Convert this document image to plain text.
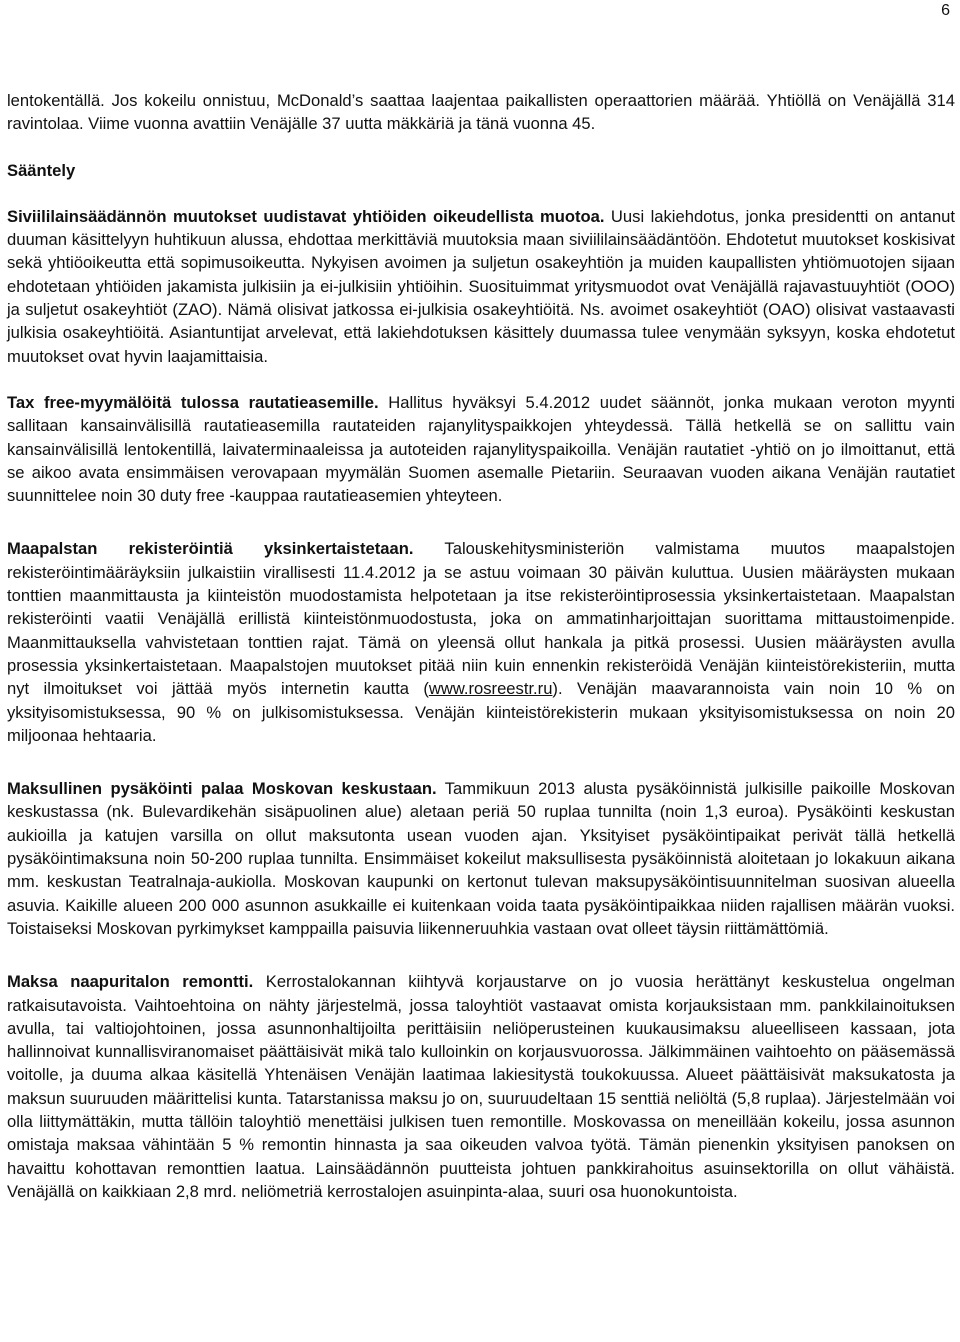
6

lentokentällä. Jos kokeilu onnistuu, McDonald’s saattaa laajentaa paikallisten operaattorien määrää. Yhtiöllä on Venäjällä 314 ravintolaa. Viime vuonna avattiin Venäjälle 37 uutta mäkkäriä ja tänä vuonna 45.

Sääntely

Siviililainsäädännön muutokset uudistavat yhtiöiden oikeudellista muotoa. Uusi lakiehdotus, jonka presidentti on antanut duuman käsittelyyn huhtikuun alussa, ehdottaa merkittäviä muutoksia maan siviililainsäädäntöön. Ehdotetut muutokset koskisivat sekä yhtiöoikeutta että sopimusoikeutta. Nykyisen avoimen ja suljetun osakeyhtiön ja muiden kaupallisten yhtiömuotojen sijaan ehdotetaan yhtiöiden jakamista julkisiin ja ei-julkisiin yhtiöihin. Suosituimmat yritysmuodot ovat Venäjällä rajavastuuyhtiöt (OOO) ja suljetut osakeyhtiöt (ZAO). Nämä olisivat jatkossa ei-julkisia osakeyhtiöitä. Ns. avoimet osakeyhtiöt (OAO) olisivat vastaavasti julkisia osakeyhtiöitä. Asiantuntijat arvelevat, että lakiehdotuksen käsittely duumassa tulee venymään syksyyn, koska ehdotetut muutokset ovat hyvin laajamittaisia.

Tax free-myymälöitä tulossa rautatieasemille. Hallitus hyväksyi 5.4.2012 uudet säännöt, jonka mukaan veroton myynti sallitaan kansainvälisillä rautatieasemilla rautateiden rajanylityspaikkojen yhteydessä. Tällä hetkellä se on sallittu vain kansainvälisillä lentokentillä, laivaterminaaleissa ja autoteiden rajanylityspaikoilla. Venäjän rautatiet -yhtiö on jo ilmoittanut, että se aikoo avata ensimmäisen verovapaan myymälän Suomen asemalle Pietariin. Seuraavan vuoden aikana Venäjän rautatiet suunnittelee noin 30 duty free -kauppaa rautatieasemien yhteyteen.

Maapalstan rekisteröintiä yksinkertaistetaan. Talouskehitysministeriön valmistama muutos maapalstojen rekisteröintimääräyksiin julkaistiin virallisesti 11.4.2012 ja se astuu voimaan 30 päivän kuluttua. Uusien määräysten mukaan tonttien maanmittausta ja kiinteistön muodostamista helpotetaan ja itse rekisteröintiprosessia yksinkertaistetaan. Maapalstan rekisteröinti vaatii Venäjällä erillistä kiinteistönmuodostusta, joka on ammatinharjoittajan suorittama mittaustoimenpide. Maanmittauksella vahvistetaan tonttien rajat. Tämä on yleensä ollut hankala ja pitkä prosessi. Uusien määräysten avulla prosessia yksinkertaistetaan. Maapalstojen muutokset pitää niin kuin ennenkin rekisteröidä Venäjän kiinteistörekisteriin, mutta nyt ilmoitukset voi jättää myös internetin kautta (www.rosreestr.ru). Venäjän maavarannoista vain noin 10 % on yksityisomistuksessa, 90 % on julkisomistuksessa. Venäjän kiinteistörekisterin mukaan yksityisomistuksessa on noin 20 miljoonaa hehtaaria.

Maksullinen pysäköinti palaa Moskovan keskustaan. Tammikuun 2013 alusta pysäköinnistä julkisille paikoille Moskovan keskustassa (nk. Bulevardikehän sisäpuolinen alue) aletaan periä 50 ruplaa tunnilta (noin 1,3 euroa). Pysäköinti keskustan aukioilla ja katujen varsilla on ollut maksutonta usean vuoden ajan. Yksityiset pysäköintipaikat perivät tällä hetkellä pysäköintimaksuna noin 50-200 ruplaa tunnilta. Ensimmäiset kokeilut maksullisesta pysäköinnistä aloitetaan jo lokakuun aikana mm. keskustan Teatralnaja-aukiolla. Moskovan kaupunki on kertonut tulevan maksupysäköintisuunnitelman suosivan alueella asuvia. Kaikille alueen 200 000 asunnon asukkaille ei kuitenkaan voida taata pysäköintipaikkaa niiden rajallisen määrän vuoksi. Toistaiseksi Moskovan pyrkimykset kamppailla paisuvia liikenneruuhkia vastaan ovat olleet täysin riittämättömiä.

Maksa naapuritalon remontti. Kerrostalokannan kiihtyvä korjaustarve on jo vuosia herättänyt keskustelua ongelman ratkaisutavoista. Vaihtoehtoina on nähty järjestelmä, jossa taloyhtiöt vastaavat omista korjauksistaan mm. pankkilainoituksen avulla, tai valtiojohtoinen, jossa asunnonhaltijoilta perittäisiin neliöperusteinen kuukausimaksu alueelliseen kassaan, jota hallinnoivat kunnallisviranomaiset päättäisivät mikä talo kulloinkin on korjausvuorossa. Jälkimmäinen vaihtoehto on pääsemässä voitolle, ja duuma alkaa käsitellä Yhtenäisen Venäjän laatimaa lakiesitystä toukokuussa. Alueet päättäisivät maksukatosta ja maksun suuruuden määrittelisi kunta. Tatarstanissa maksu jo on, suuruudeltaan 15 senttiä neliöltä (5,8 ruplaa). Järjestelmään voi olla liittymättäkin, mutta tällöin taloyhtiö menettäisi julkisen tuen remontille. Moskovassa on meneillään kokeilu, jossa asunnon omistaja maksaa vähintään 5 % remontin hinnasta ja saa oikeuden valvoa työtä. Tämän pienenkin yksityisen panoksen on havaittu kohottavan remonttien laatua. Lainsäädännön puutteista johtuen pankkirahoitus asuinsektorilla on ollut vähäistä. Venäjällä on kaikkiaan 2,8 mrd. neliömetriä kerrostalojen asuinpinta-alaa, suuri osa huonokuntoista.
